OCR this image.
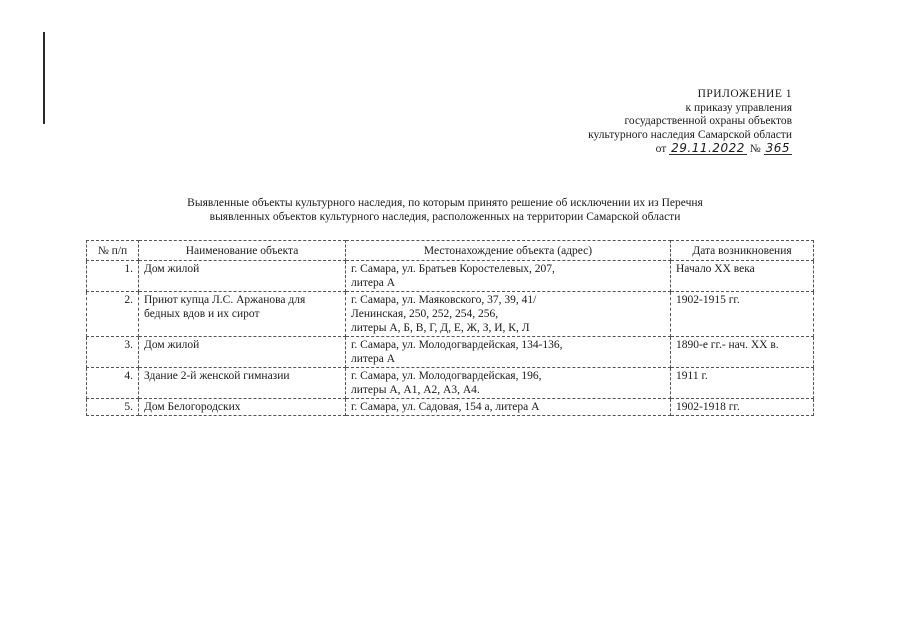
ПРИЛОЖЕНИЕ 1
к приказу управления
государственной охраны объектов
культурного наследия Самарской области
от 29.11.2022 № 365
Выявленные объекты культурного наследия, по которым принято решение об исключении их из Перечня
выявленных объектов культурного наследия, расположенных на территории Самарской области
№ п/п	Наименование объекта	Местонахождение объекта (адрес)	Дата возникновения
1.	Дом жилой	г. Самара, ул. Братьев Коростелевых, 207,
литера А	Начало XX века
2.	Приют купца Л.С. Аржанова для бедных вдов и их сирот	г. Самара, ул. Маяковского, 37, 39, 41/
Ленинская, 250, 252, 254, 256,
литеры А, Б, В, Г, Д, Е, Ж, З, И, К, Л	1902-1915 гг.
3.	Дом жилой	г. Самара, ул. Молодогвардейская, 134-136,
литера А	1890-е гг.- нач. XX в.
4.	Здание 2-й женской гимназии	г. Самара, ул. Молодогвардейская, 196,
литеры А, А1, А2, А3, А4.	1911 г.
5.	Дом Белогородских	г. Самара, ул. Садовая, 154 а, литера А	1902-1918 гг.
